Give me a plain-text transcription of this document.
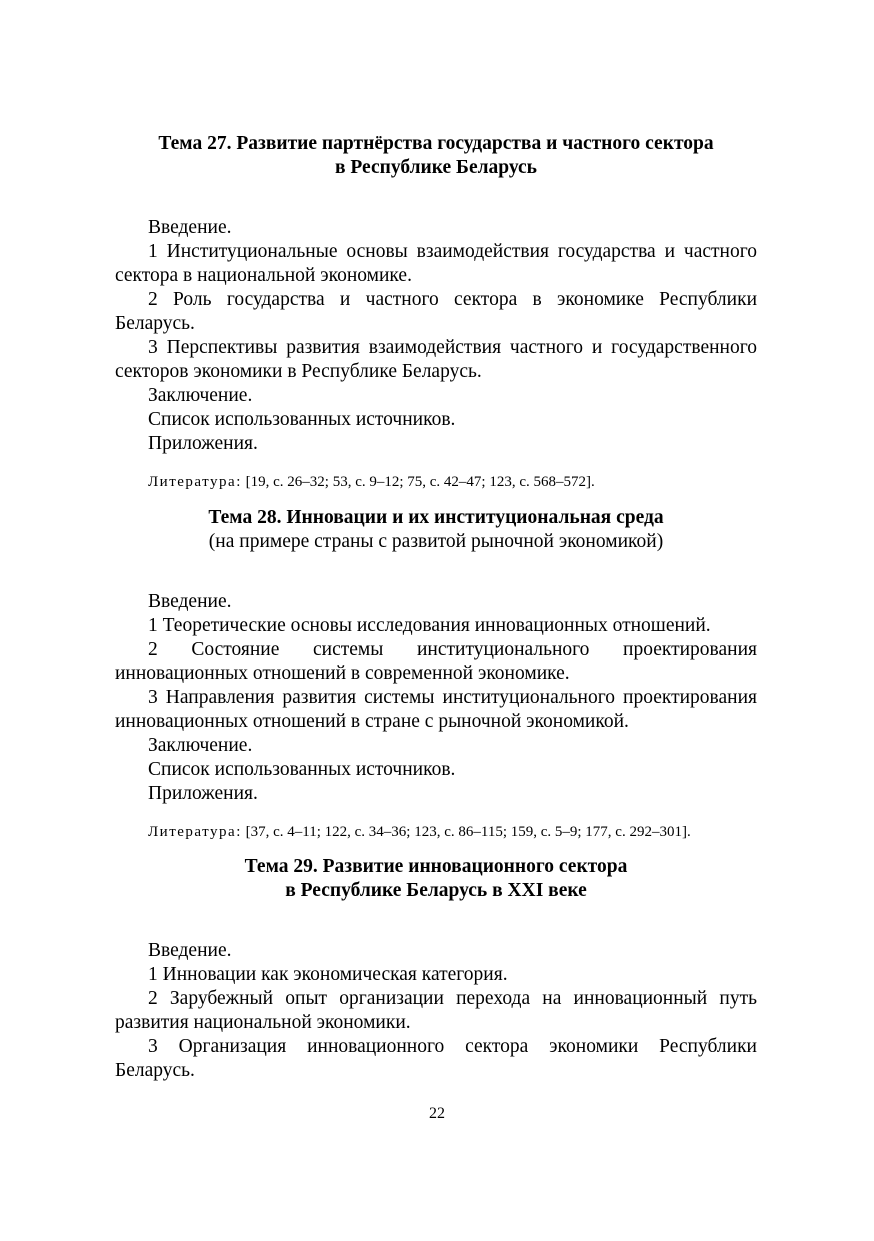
Тема 27. Развитие партнёрства государства и частного сектора

в Республике Беларусь

Введение.

1 Институциональные основы взаимодействия государства и частного сектора в национальной экономике.

2 Роль государства и частного сектора в экономике Республики Беларусь.

3 Перспективы развития взаимодействия частного и государственного секторов экономики в Республике Беларусь.

Заключение.

Список использованных источников.

Приложения.

Литература: [19, с. 26–32; 53, с. 9–12; 75, с. 42–47; 123, с. 568–572].

Тема 28. Инновации и их институциональная среда

(на примере страны с развитой рыночной экономикой)

Введение.

1 Теоретические основы исследования инновационных отношений.

2 Состояние системы институционального проектирования инновационных отношений в современной экономике.

3 Направления развития системы институционального проектирования инновационных отношений в стране с рыночной экономикой.

Заключение.

Список использованных источников.

Приложения.

Литература: [37, с. 4–11; 122, с. 34–36; 123, с. 86–115; 159, с. 5–9; 177, с. 292–301].

Тема 29. Развитие инновационного сектора

в Республике Беларусь в XXI веке

Введение.

1 Инновации как экономическая категория.

2 Зарубежный опыт организации перехода на инновационный путь развития национальной экономики.

3 Организация инновационного сектора экономики Республики Беларусь.

22
